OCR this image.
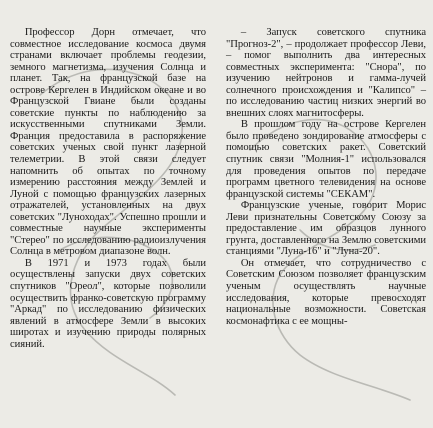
Профессор Дорн отмечает, что совместное исследование космоса двумя странами включает проблемы геодезии, земного магнетизма, изучения Солнца и планет. Так, на французской базе на острове Кергелен в Индийском океане и во Французской Гвиане были созданы советские пункты по наблюдению за искусственными спутниками Земли. Франция предоставила в распоряжение советских ученых свой пункт лазерной телеметрии. В этой связи следует напомнить об опытах по точному измерению расстояния между Землей и Луной с помощью французских лазерных отражателей, установленных на двух советских "Луноходах". Успешно прошли и совместные научные эксперименты "Стерео" по исследованию радиоизлучения Солнца в метровом диапазоне волн.

В 1971 и 1973 годах были осуществлены запуски двух советских спутников "Ореол", которые позволили осуществить франко-советскую программу "Аркад" по исследованию физических явлений в атмосфере Земли в высоких широтах и изучению природы полярных сияний.

– Запуск советского спутника "Прогноз-2", – продолжает профессор Леви, – помог выполнить два интересных совместных эксперимента: "Снора", по изучению нейтронов и гамма-лучей солнечного происхождения и "Калипсо" – по исследованию частиц низких энергий во внешних слоях магнитосферы.

В прошлом году на острове Кергелен было проведено зондирование атмосферы с помощью советских ракет. Советский спутник связи "Молния-1" использовался для проведения опытов по передаче программ цветного телевидения на основе французской системы "СЕКАМ".

Французские ученые, говорит Морис Леви признательны Советскому Союзу за предоставление им образцов лунного грунта, доставленного на Землю советскими станциями "Луна-16" и "Луна-20".

Он отмечает, что сотрудничество с Советским Союзом позволяет французским ученым осуществлять научные исследования, которые превосходят национальные возможности. Советская космонафтика с ее мощны-
